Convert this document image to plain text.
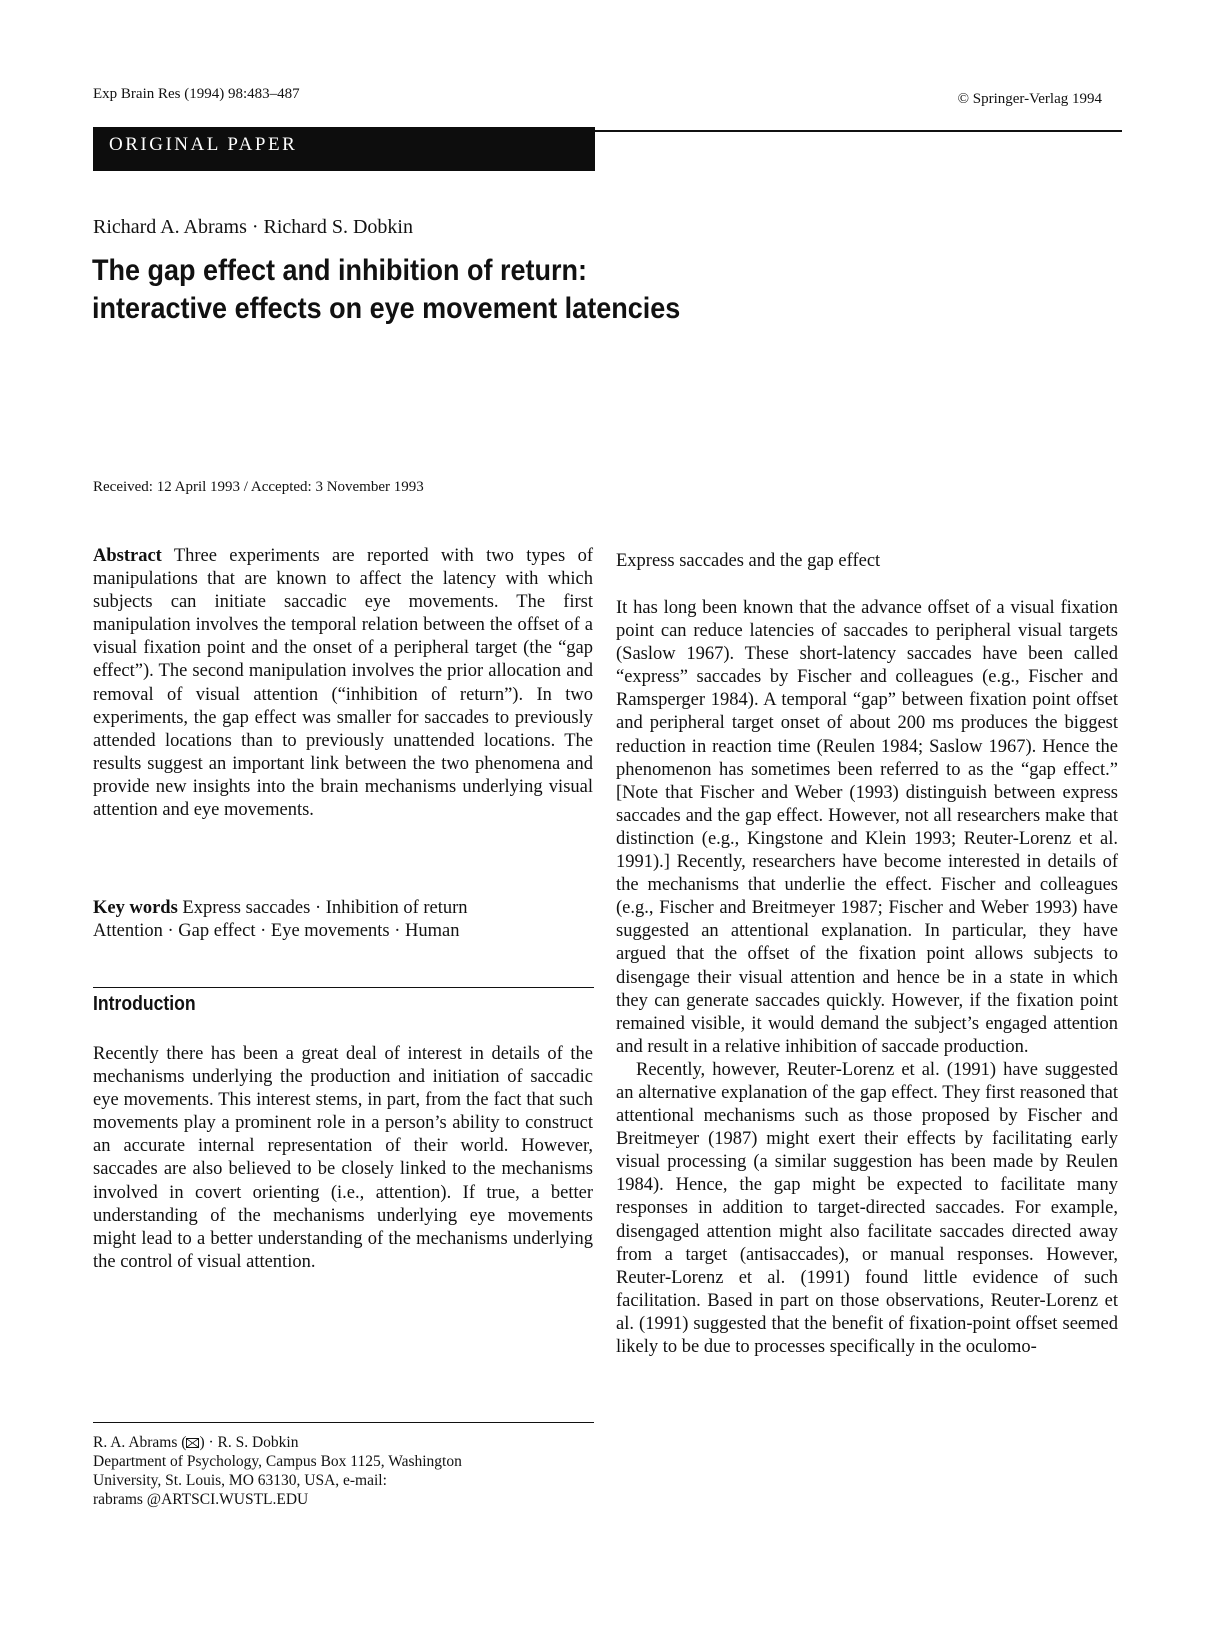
Exp Brain Res (1994) 98:483–487	© Springer-Verlag 1994
ORIGINAL PAPER
Richard A. Abrams · Richard S. Dobkin
The gap effect and inhibition of return:
interactive effects on eye movement latencies
Received: 12 April 1993 / Accepted: 3 November 1993

Abstract Three experiments are reported with two types of manipulations that are known to affect the latency with which subjects can initiate saccadic eye movements. The first manipulation involves the temporal relation between the offset of a visual fixation point and the onset of a peripheral target (the “gap effect”). The second manipulation involves the prior allocation and removal of visual attention (“inhibition of return”). In two experiments, the gap effect was smaller for saccades to previously attended locations than to previously unattended locations. The results suggest an important link between the two phenomena and provide new insights into the brain mechanisms underlying visual attention and eye movements.

Key words Express saccades · Inhibition of return
Attention · Gap effect · Eye movements · Human
Introduction

Recently there has been a great deal of interest in details of the mechanisms underlying the production and initiation of saccadic eye movements. This interest stems, in part, from the fact that such movements play a prominent role in a person’s ability to construct an accurate internal representation of their world. However, saccades are also believed to be closely linked to the mechanisms involved in covert orienting (i.e., attention). If true, a better understanding of the mechanisms underlying eye movements might lead to a better understanding of the mechanisms underlying the control of visual attention.

R. A. Abrams ( ) · R. S. Dobkin
Department of Psychology, Campus Box 1125, Washington
University, St. Louis, MO 63130, USA, e-mail:
rabrams @ARTSCI.WUSTL.EDU
Express saccades and the gap effect

It has long been known that the advance offset of a visual fixation point can reduce latencies of saccades to peripheral visual targets (Saslow 1967). These short-latency saccades have been called “express” saccades by Fischer and colleagues (e.g., Fischer and Ramsperger 1984). A temporal “gap” between fixation point offset and peripheral target onset of about 200 ms produces the biggest reduction in reaction time (Reulen 1984; Saslow 1967). Hence the phenomenon has sometimes been referred to as the “gap effect.” [Note that Fischer and Weber (1993) distinguish between express saccades and the gap effect. However, not all researchers make that distinction (e.g., Kingstone and Klein 1993; Reuter-Lorenz et al. 1991).] Recently, researchers have become interested in details of the mechanisms that underlie the effect. Fischer and colleagues (e.g., Fischer and Breitmeyer 1987; Fischer and Weber 1993) have suggested an attentional explanation. In particular, they have argued that the offset of the fixation point allows subjects to disengage their visual attention and hence be in a state in which they can generate saccades quickly. However, if the fixation point remained visible, it would demand the subject’s engaged attention and result in a relative inhibition of saccade production.

Recently, however, Reuter-Lorenz et al. (1991) have suggested an alternative explanation of the gap effect. They first reasoned that attentional mechanisms such as those proposed by Fischer and Breitmeyer (1987) might exert their effects by facilitating early visual processing (a similar suggestion has been made by Reulen 1984). Hence, the gap might be expected to facilitate many responses in addition to target-directed saccades. For example, disengaged attention might also facilitate saccades directed away from a target (antisaccades), or manual responses. However, Reuter-Lorenz et al. (1991) found little evidence of such facilitation. Based in part on those observations, Reuter-Lorenz et al. (1991) suggested that the benefit of fixation-point offset seemed likely to be due to processes specifically in the oculomo-
